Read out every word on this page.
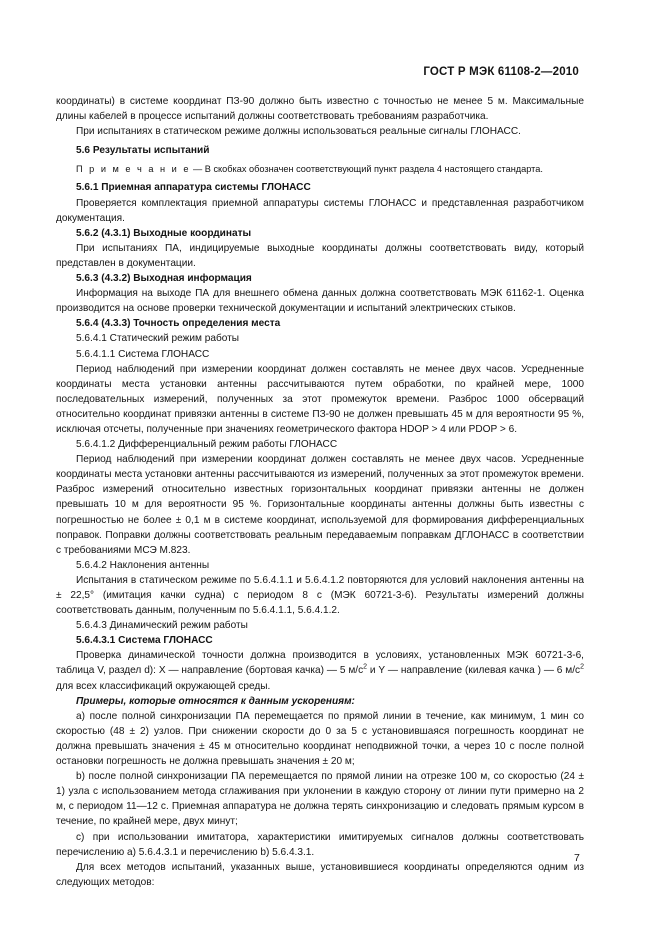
ГОСТ Р МЭК 61108-2—2010

координаты) в системе координат ПЗ-90 должно быть известно с точностью не менее 5 м. Максимальные длины кабелей в процессе испытаний должны соответствовать требованиям разработчика.

При испытаниях в статическом режиме должны использоваться реальные сигналы ГЛОНАСС.

5.6 Результаты испытаний

П р и м е ч а н и е — В скобках обозначен соответствующий пункт раздела 4 настоящего стандарта.

5.6.1 Приемная аппаратура системы ГЛОНАСС

Проверяется комплектация приемной аппаратуры системы ГЛОНАСС и представленная разработчиком документация.

5.6.2 (4.3.1) Выходные координаты

При испытаниях ПА, индицируемые выходные координаты должны соответствовать виду, который представлен в документации.

5.6.3 (4.3.2) Выходная информация

Информация на выходе ПА для внешнего обмена данных должна соответствовать МЭК 61162-1. Оценка производится на основе проверки технической документации и испытаний электрических стыков.

5.6.4 (4.3.3) Точность определения места

5.6.4.1 Статический режим работы

5.6.4.1.1 Система ГЛОНАСС

Период наблюдений при измерении координат должен составлять не менее двух часов. Усредненные координаты места установки антенны рассчитываются путем обработки, по крайней мере, 1000 последовательных измерений, полученных за этот промежуток времени. Разброс 1000 обсерваций относительно координат привязки антенны в системе ПЗ-90 не должен превышать 45 м для вероятности 95 %, исключая отсчеты, полученные при значениях геометрического фактора HDOP > 4 или PDOP > 6.

5.6.4.1.2 Дифференциальный режим работы ГЛОНАСС

Период наблюдений при измерении координат должен составлять не менее двух часов. Усредненные координаты места установки антенны рассчитываются из измерений, полученных за этот промежуток времени. Разброс измерений относительно известных горизонтальных координат привязки антенны не должен превышать 10 м для вероятности 95 %. Горизонтальные координаты антенны должны быть известны с погрешностью не более ± 0,1 м в системе координат, используемой для формирования дифференциальных поправок. Поправки должны соответствовать реальным передаваемым поправкам ДГЛОНАСС в соответствии с требованиями МСЭ М.823.

5.6.4.2 Наклонения антенны

Испытания в статическом режиме по 5.6.4.1.1 и 5.6.4.1.2 повторяются для условий наклонения антенны на ± 22,5° (имитация качки судна) с периодом 8 с (МЭК 60721-3-6). Результаты измерений должны соответствовать данным, полученным по 5.6.4.1.1, 5.6.4.1.2.

5.6.4.3 Динамический режим работы

5.6.4.3.1 Система ГЛОНАСС

Проверка динамической точности должна производится в условиях, установленных МЭК 60721-3-6, таблица V, раздел d): X — направление (бортовая качка) — 5 $м/с^2$ и Y — направление (килевая качка ) — 6 $м/с^2$ для всех классификаций окружающей среды.

Примеры, которые относятся к данным ускорениям:

а) после полной синхронизации ПА перемещается по прямой линии в течение, как минимум, 1 мин со скоростью (48 ± 2) узлов. При снижении скорости до 0 за 5 с установившаяся погрешность координат не должна превышать значения ± 45 м относительно координат неподвижной точки, а через 10 с после полной остановки погрешность не должна превышать значения ± 20 м;

b) после полной синхронизации ПА перемещается по прямой линии на отрезке 100 м, со скоростью (24 ± 1) узла с использованием метода сглаживания при уклонении в каждую сторону от линии пути примерно на 2 м, с периодом 11—12 с. Приемная аппаратура не должна терять синхронизацию и следовать прямым курсом в течение, по крайней мере, двух минут;

с) при использовании имитатора, характеристики имитируемых сигналов должны соответствовать перечислению а) 5.6.4.3.1 и перечислению b) 5.6.4.3.1.

Для всех методов испытаний, указанных выше, установившиеся координаты определяются одним из следующих методов:

7
